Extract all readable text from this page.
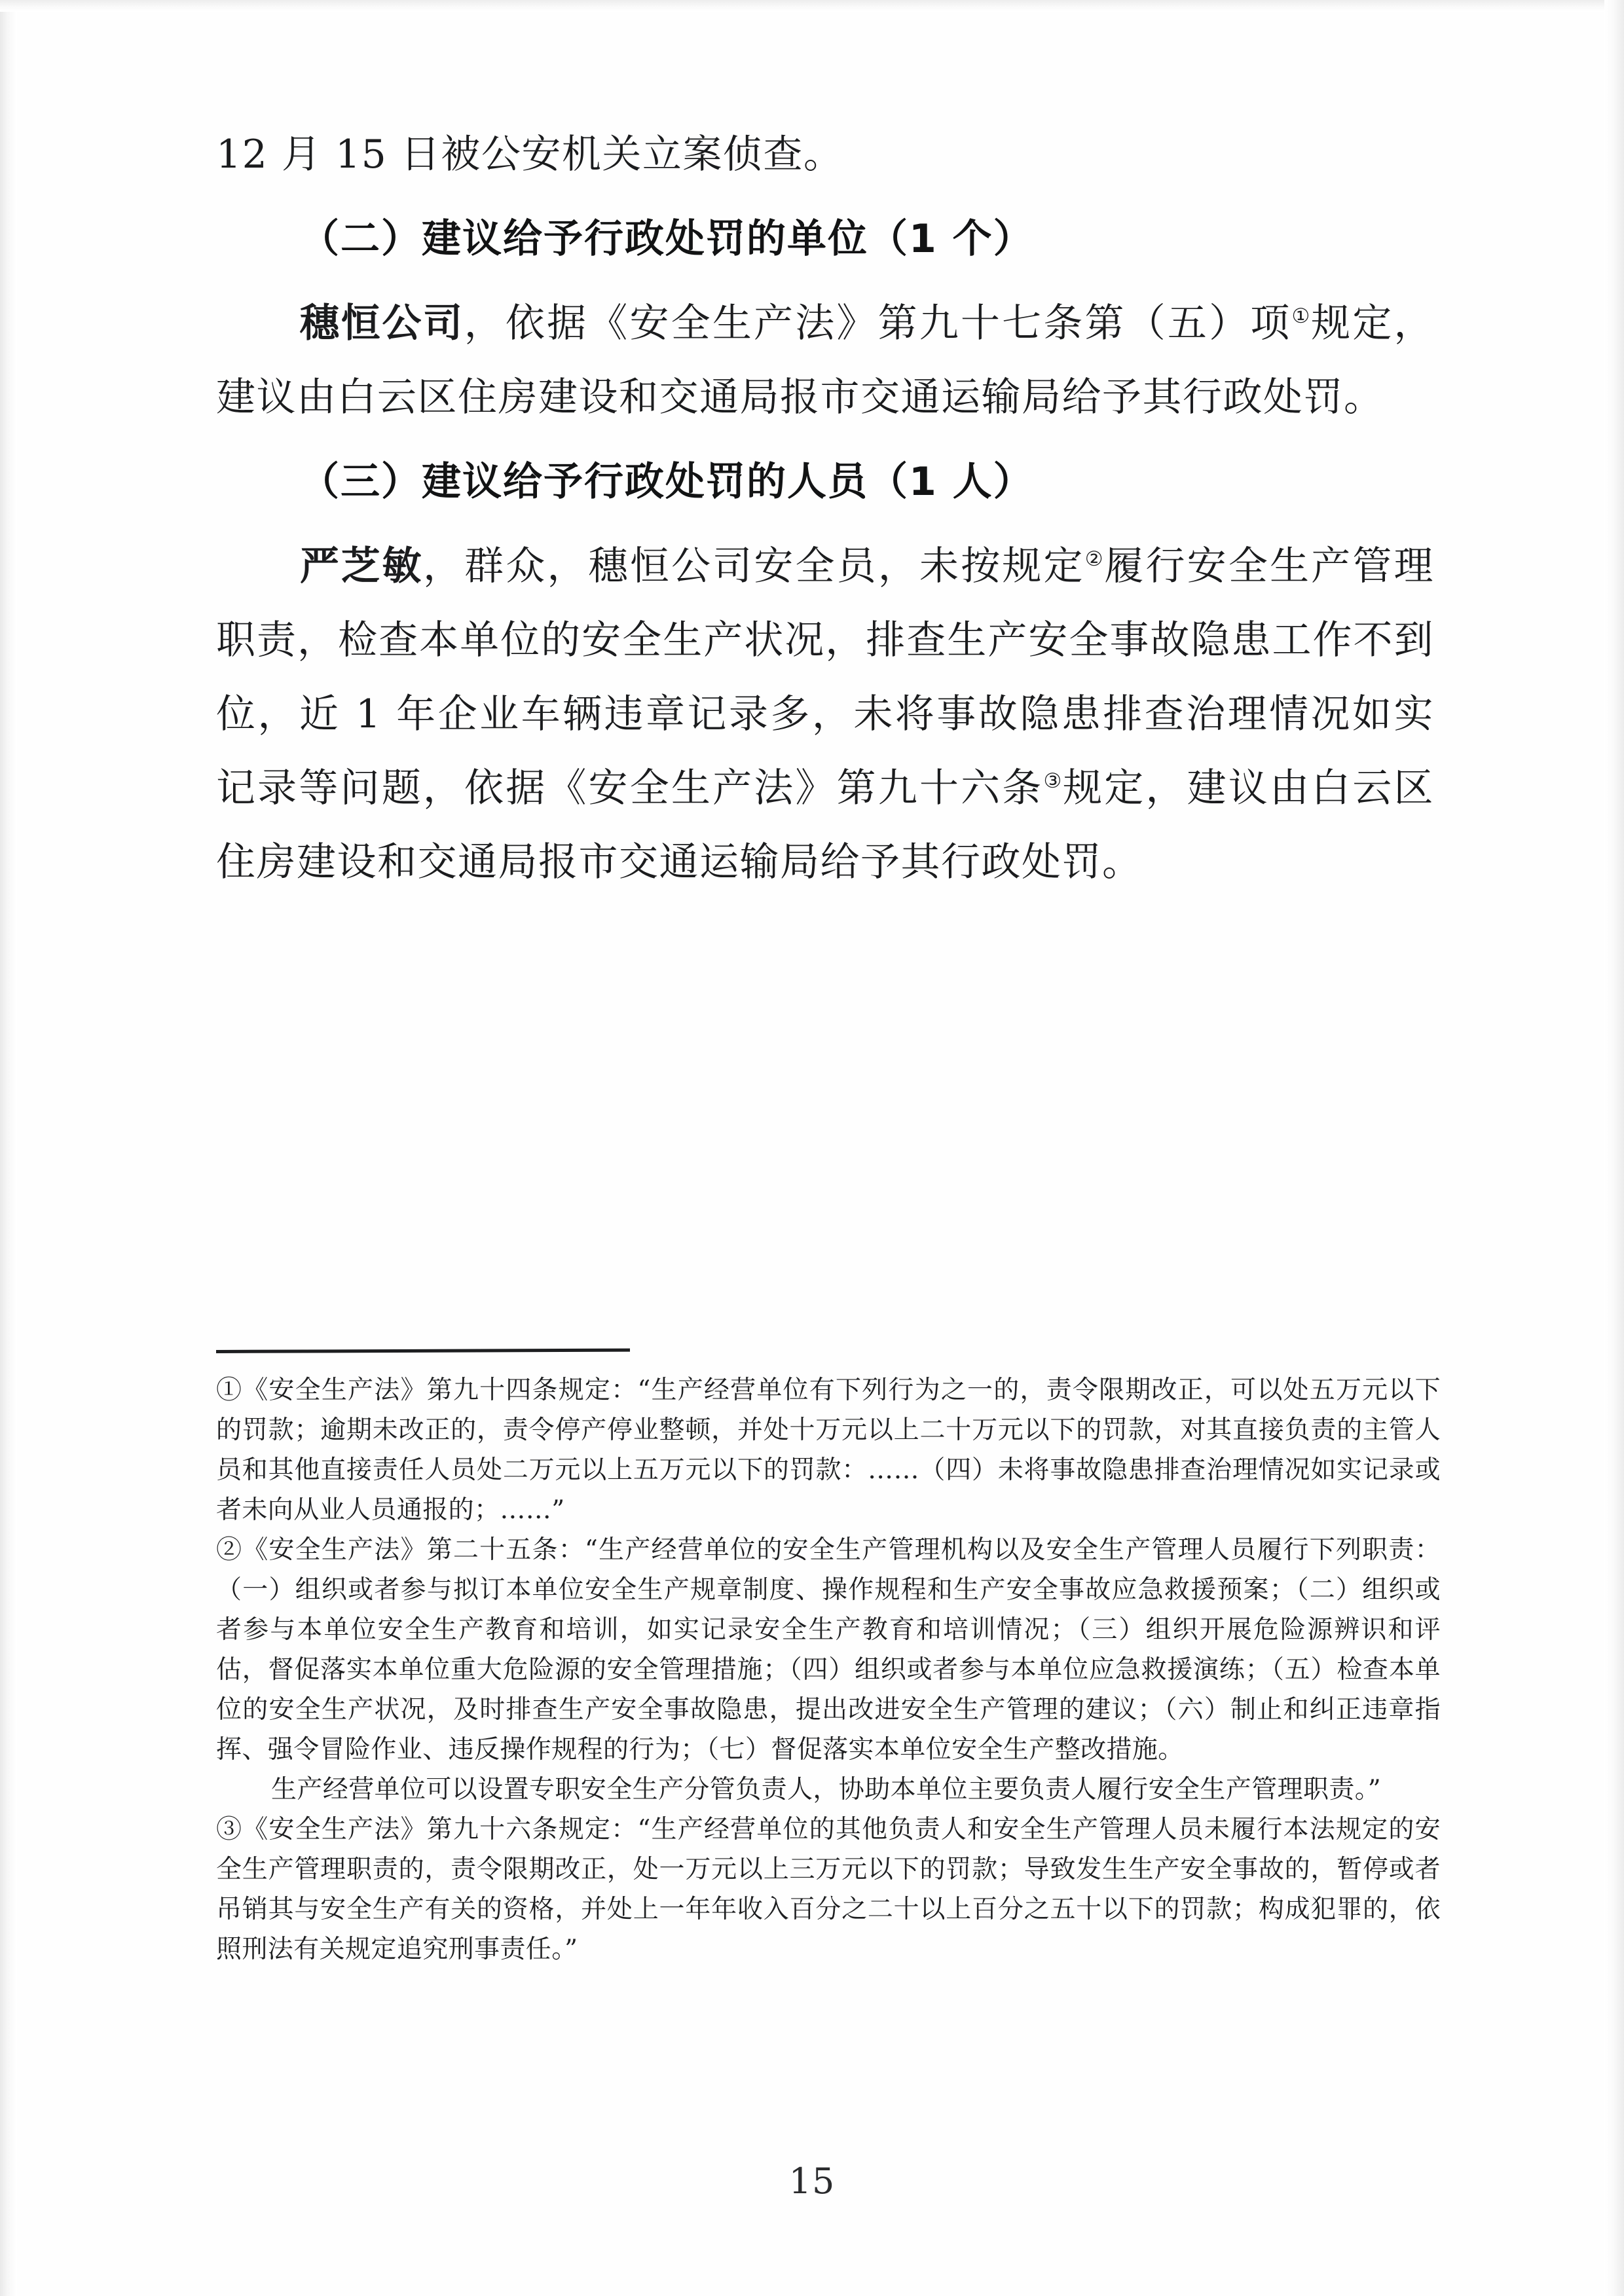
12 月 15 日被公安机关立案侦查。

（二）建议给予行政处罚的单位（1 个）

穗恒公司，依据《安全生产法》第九十七条第（五）项①规定，建议由白云区住房建设和交通局报市交通运输局给予其行政处罚。

（三）建议给予行政处罚的人员（1 人）

严芝敏，群众，穗恒公司安全员，未按规定②履行安全生产管理职责，检查本单位的安全生产状况，排查生产安全事故隐患工作不到位，近 1 年企业车辆违章记录多，未将事故隐患排查治理情况如实记录等问题，依据《安全生产法》第九十六条③规定，建议由白云区住房建设和交通局报市交通运输局给予其行政处罚。

①《安全生产法》第九十四条规定：“生产经营单位有下列行为之一的，责令限期改正，可以处五万元以下的罚款；逾期未改正的，责令停产停业整顿，并处十万元以上二十万元以下的罚款，对其直接负责的主管人员和其他直接责任人员处二万元以上五万元以下的罚款：……（四）未将事故隐患排查治理情况如实记录或者未向从业人员通报的；……”

②《安全生产法》第二十五条：“生产经营单位的安全生产管理机构以及安全生产管理人员履行下列职责：（一）组织或者参与拟订本单位安全生产规章制度、操作规程和生产安全事故应急救援预案；（二）组织或者参与本单位安全生产教育和培训，如实记录安全生产教育和培训情况；（三）组织开展危险源辨识和评估，督促落实本单位重大危险源的安全管理措施；（四）组织或者参与本单位应急救援演练；（五）检查本单位的安全生产状况，及时排查生产安全事故隐患，提出改进安全生产管理的建议；（六）制止和纠正违章指挥、强令冒险作业、违反操作规程的行为；（七）督促落实本单位安全生产整改措施。

生产经营单位可以设置专职安全生产分管负责人，协助本单位主要负责人履行安全生产管理职责。”

③《安全生产法》第九十六条规定：“生产经营单位的其他负责人和安全生产管理人员未履行本法规定的安全生产管理职责的，责令限期改正，处一万元以上三万元以下的罚款；导致发生生产安全事故的，暂停或者吊销其与安全生产有关的资格，并处上一年年收入百分之二十以上百分之五十以下的罚款；构成犯罪的，依照刑法有关规定追究刑事责任。”

15
